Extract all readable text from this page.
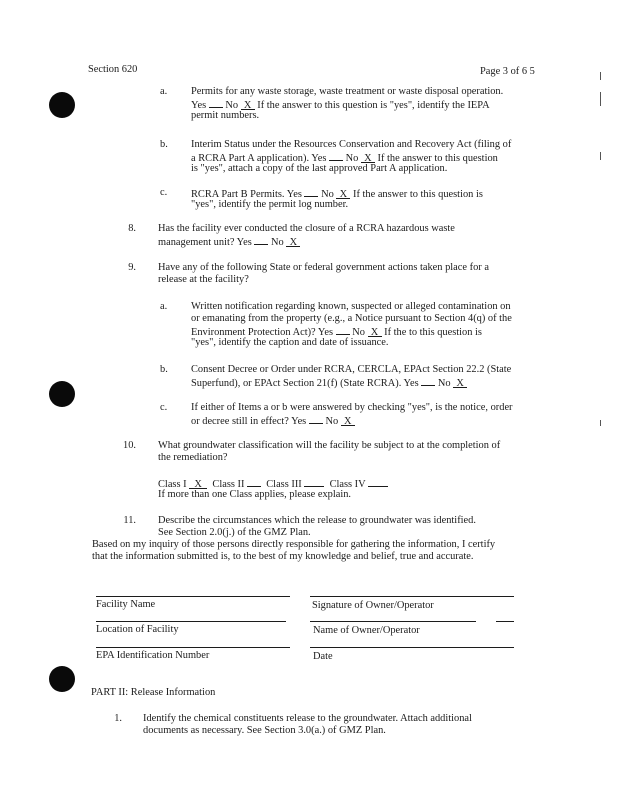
Section 620	Page 3 of 6 5
a. Permits for any waste storage, waste treatment or waste disposal operation.
Yes No X If the answer to this question is "yes", identify the IEPA
permit numbers.
b. Interim Status under the Resources Conservation and Recovery Act (filing of
a RCRA Part A application). Yes No X If the answer to this question
is "yes", attach a copy of the last approved Part A application.
c. RCRA Part B Permits. Yes No X If the answer to this question is
"yes", identify the permit log number.
8. Has the facility ever conducted the closure of a RCRA hazardous waste
management unit? Yes No X
9. Have any of the following State or federal government actions taken place for a
release at the facility?
a. Written notification regarding known, suspected or alleged contamination on
or emanating from the property (e.g., a Notice pursuant to Section 4(q) of the
Environment Protection Act)? Yes No X If the to this question is
"yes", identify the caption and date of issuance.
b. Consent Decree or Order under RCRA, CERCLA, EPAct Section 22.2 (State
Superfund), or EPAct Section 21(f) (State RCRA). Yes No X
c. If either of Items a or b were answered by checking "yes", is the notice, order
or decree still in effect? Yes No X
10. What groundwater classification will the facility be subject to at the completion of
the remediation?
Class I X Class II Class III	Class IV
If more than one Class applies, please explain.
11. Describe the circumstances which the release to groundwater was identified.
See Section 2.0(j.) of the GMZ Plan.
Based on my inquiry of those persons directly responsible for gathering the information, I certify
that the information submitted is, to the best of my knowledge and belief, true and accurate.
Facility Name	Signature of Owner/Operator
Location of Facility	Name of Owner/Operator
EPA Identification Number	Date
PART II: Release Information
1. Identify the chemical constituents release to the groundwater. Attach additional
documents as necessary. See Section 3.0(a.) of GMZ Plan.
